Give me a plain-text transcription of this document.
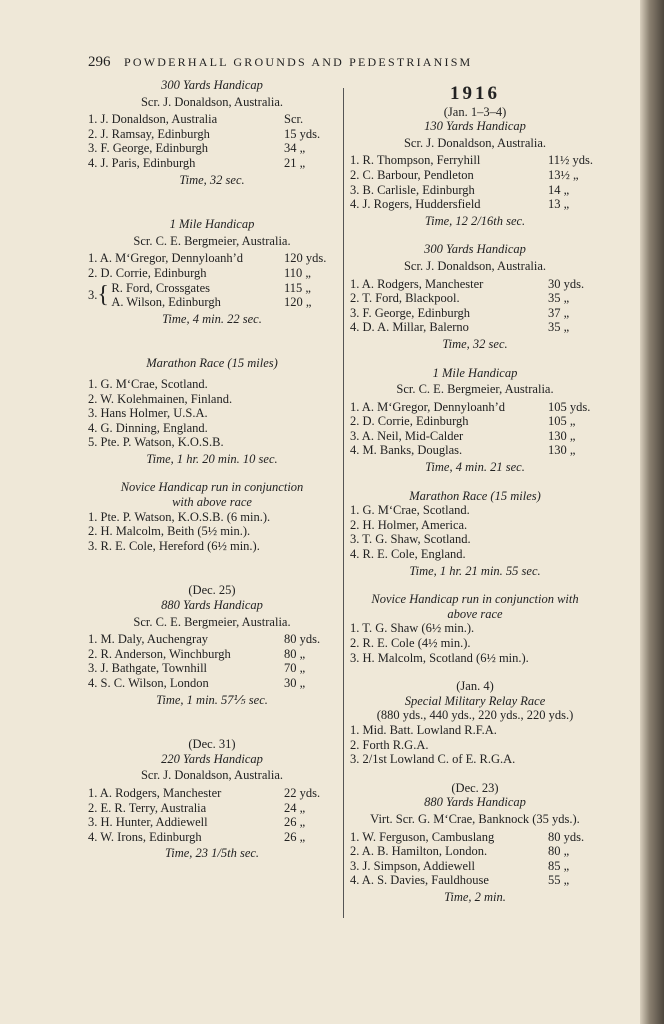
296 POWDERHALL GROUNDS AND PEDESTRIANISM
300 Yards Handicap
Scr. J. Donaldson, Australia.
1. J. Donaldson, Australia	Scr.
2. J. Ramsay, Edinburgh	15 yds.
3. F. George, Edinburgh	34 „
4. J. Paris, Edinburgh	21 „
Time, 32 sec.
1 Mile Handicap
Scr. C. E. Bergmeier, Australia.
1. A. M‘Gregor, Dennyloanh’d	120 yds.
2. D. Corrie, Edinburgh	110 „
3. { R. Ford, Crossgates	115 „
A. Wilson, Edinburgh	120 „
Time, 4 min. 22 sec.
Marathon Race (15 miles)
1. G. M‘Crae, Scotland.
2. W. Kolehmainen, Finland.
3. Hans Holmer, U.S.A.
4. G. Dinning, England.
5. Pte. P. Watson, K.O.S.B.
Time, 1 hr. 20 min. 10 sec.
Novice Handicap run in conjunction
with above race
1. Pte. P. Watson, K.O.S.B. (6 min.).
2. H. Malcolm, Beith (5½ min.).
3. R. E. Cole, Hereford (6½ min.).
(Dec. 25)
880 Yards Handicap
Scr. C. E. Bergmeier, Australia.
1. M. Daly, Auchengray	80 yds.
2. R. Anderson, Winchburgh	80 „
3. J. Bathgate, Townhill	70 „
4. S. C. Wilson, London	30 „
Time, 1 min. 57⅕ sec.
(Dec. 31)
220 Yards Handicap
Scr. J. Donaldson, Australia.
1. A. Rodgers, Manchester	22 yds.
2. E. R. Terry, Australia	24 „
3. H. Hunter, Addiewell	26 „
4. W. Irons, Edinburgh	26 „
Time, 23 1/5th sec.
1916
(Jan. 1–3–4)
130 Yards Handicap
Scr. J. Donaldson, Australia.
1. R. Thompson, Ferryhill	11½ yds.
2. C. Barbour, Pendleton	13½ „
3. B. Carlisle, Edinburgh	14 „
4. J. Rogers, Huddersfield	13 „
Time, 12 2/16th sec.
300 Yards Handicap
Scr. J. Donaldson, Australia.
1. A. Rodgers, Manchester	30 yds.
2. T. Ford, Blackpool.	35 „
3. F. George, Edinburgh	37 „
4. D. A. Millar, Balerno	35 „
Time, 32 sec.
1 Mile Handicap
Scr. C. E. Bergmeier, Australia.
1. A. M‘Gregor, Dennyloanh’d	105 yds.
2. D. Corrie, Edinburgh	105 „
3. A. Neil, Mid-Calder	130 „
4. M. Banks, Douglas.	130 „
Time, 4 min. 21 sec.
Marathon Race (15 miles)
1. G. M‘Crae, Scotland.
2. H. Holmer, America.
3. T. G. Shaw, Scotland.
4. R. E. Cole, England.
Time, 1 hr. 21 min. 55 sec.
Novice Handicap run in conjunction with
above race
1. T. G. Shaw (6½ min.).
2. R. E. Cole (4½ min.).
3. H. Malcolm, Scotland (6½ min.).
(Jan. 4)
Special Military Relay Race
(880 yds., 440 yds., 220 yds., 220 yds.)
1. Mid. Batt. Lowland R.F.A.
2. Forth R.G.A.
3. 2/1st Lowland C. of E. R.G.A.
(Dec. 23)
880 Yards Handicap
Virt. Scr. G. M‘Crae, Banknock (35 yds.).
1. W. Ferguson, Cambuslang	80 yds.
2. A. B. Hamilton, London.	80 „
3. J. Simpson, Addiewell	85 „
4. A. S. Davies, Fauldhouse	55 „
Time, 2 min.
